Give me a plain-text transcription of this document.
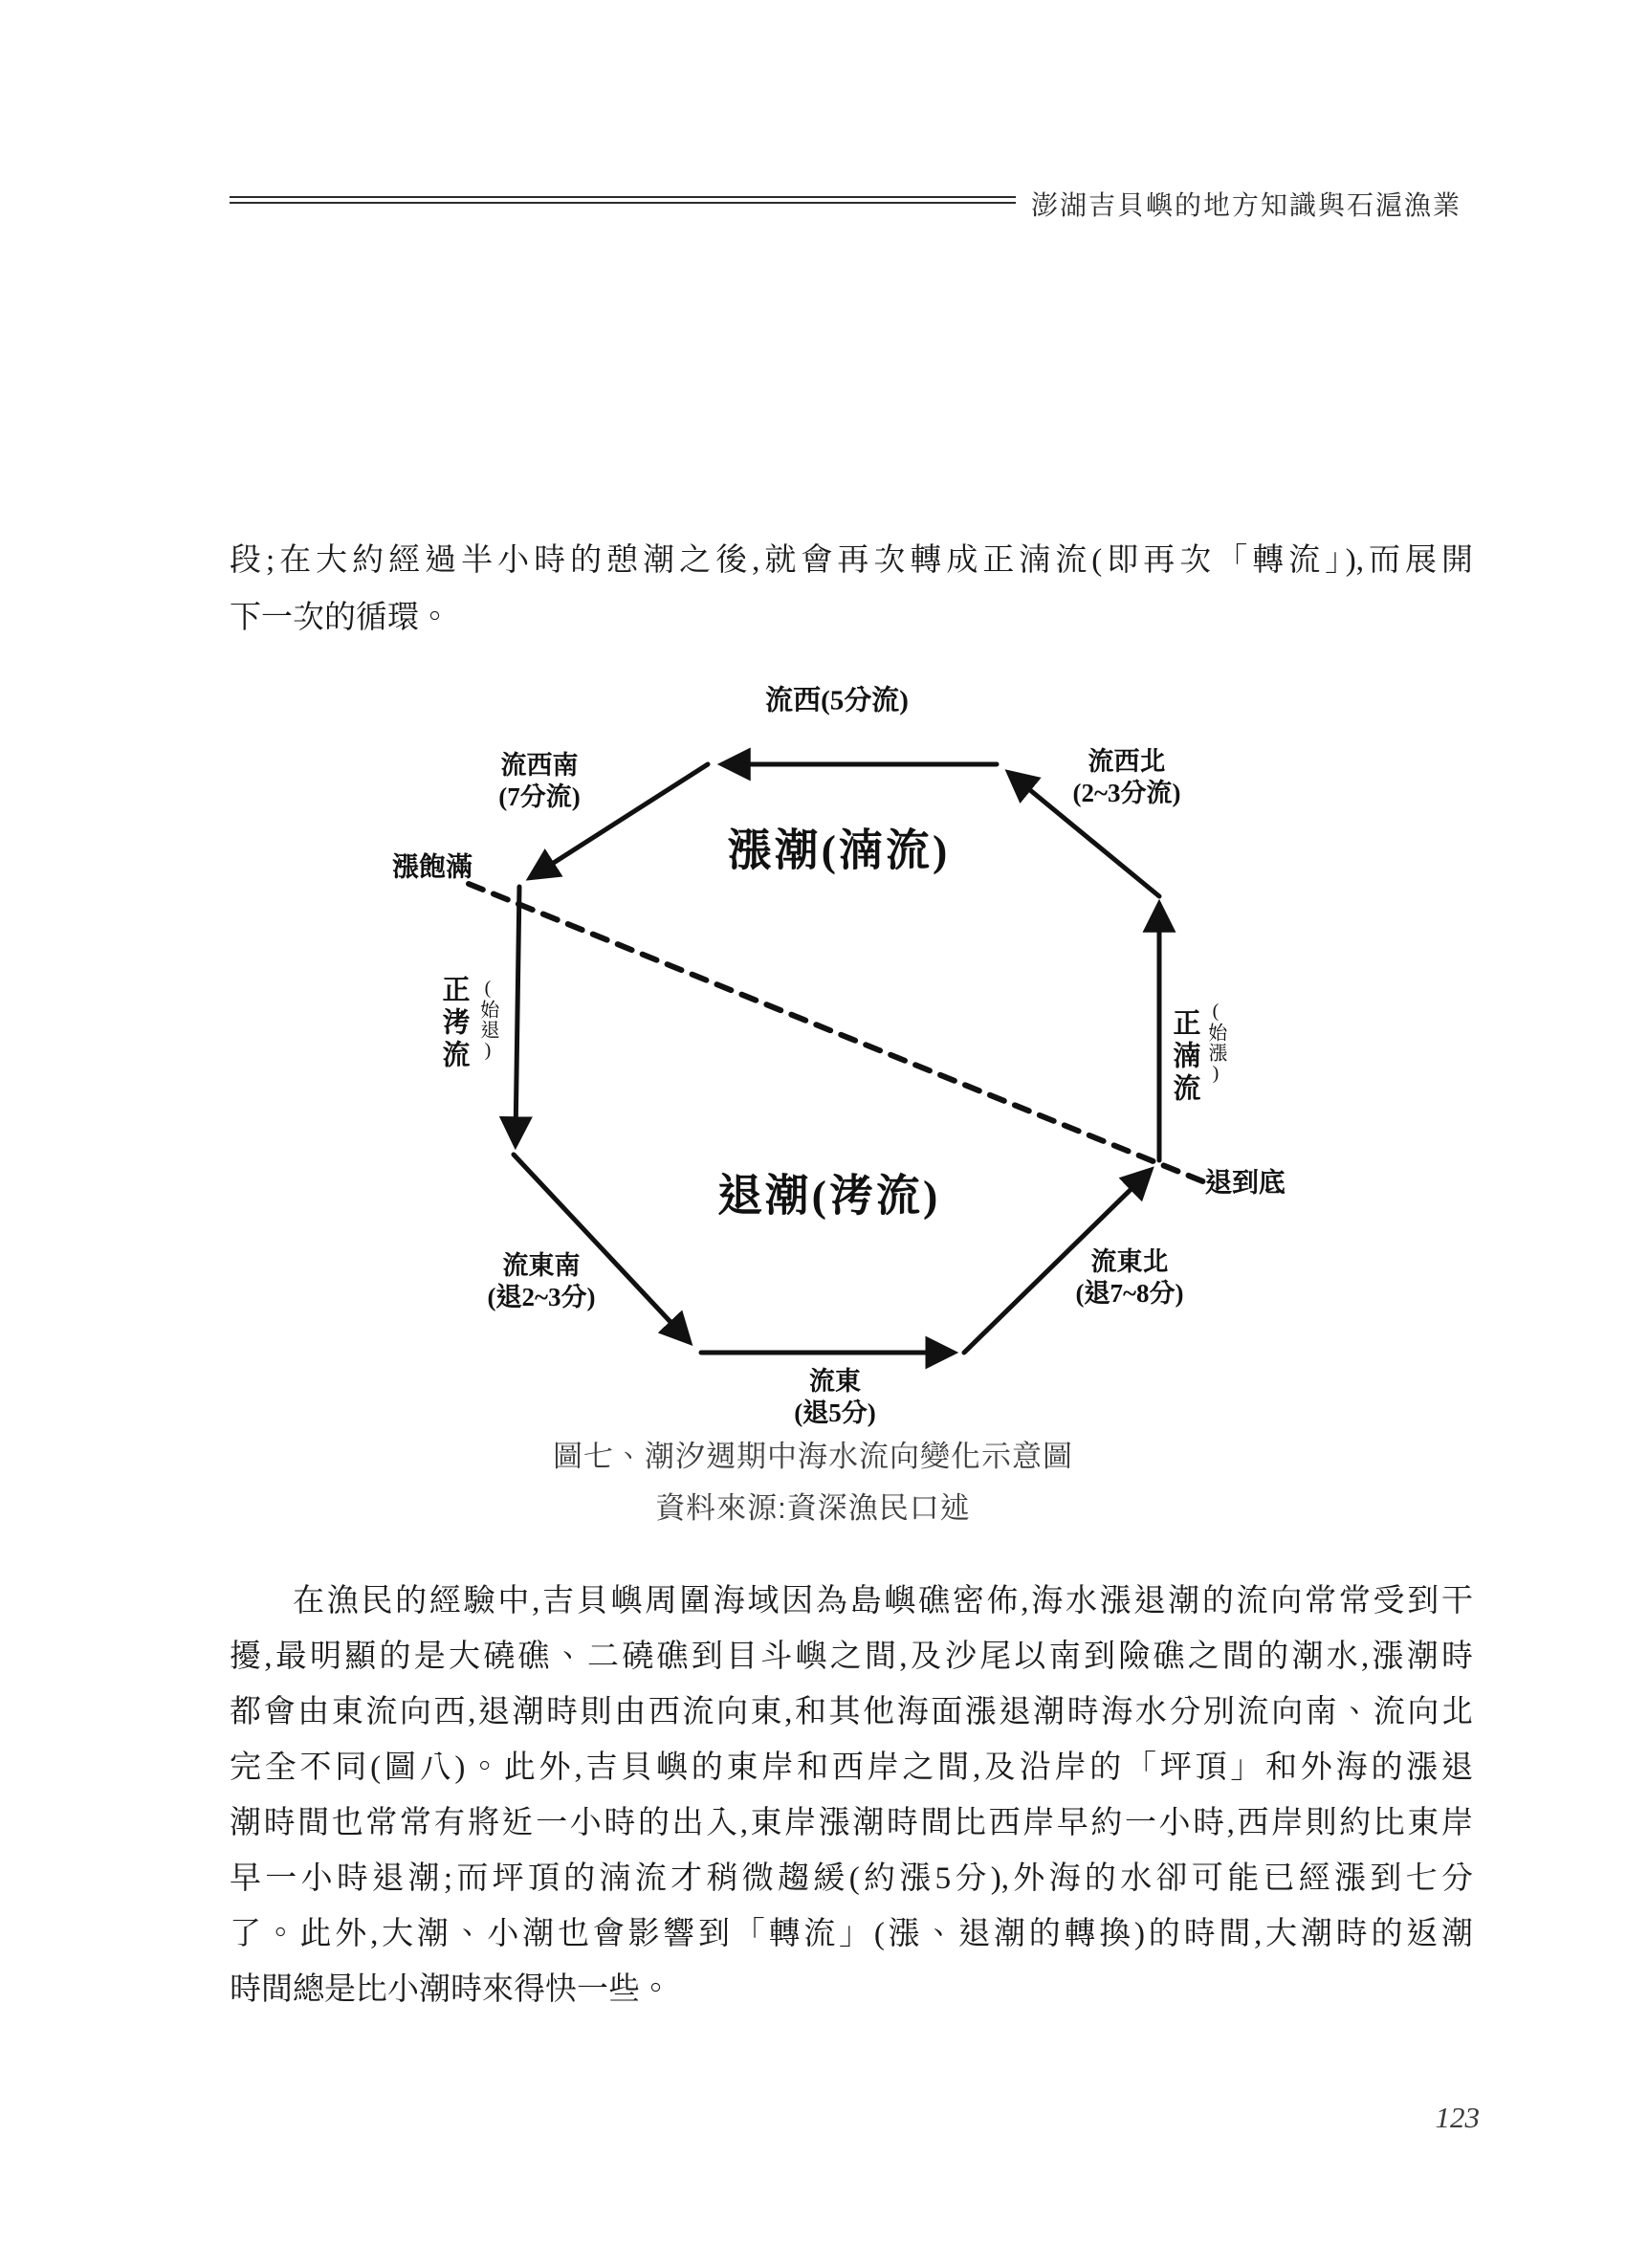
澎湖吉貝嶼的地方知識與石滬漁業
段;在大約經過半小時的憩潮之後,就會再次轉成正湳流(即再次「轉流」),而展開
下一次的循環。
漲潮(湳流)
退潮(洘流)
流西(5分流)
流西北
(2~3分流)
流西南
(7分流)
漲飽滿
正洘流 (始退)	正湳流 (始漲)
退到底
流東南
(退2~3分)
流東
(退5分)
流東北
(退7~8分)
圖七、潮汐週期中海水流向變化示意圖
資料來源:資深漁民口述
在漁民的經驗中,吉貝嶼周圍海域因為島嶼礁密佈,海水漲退潮的流向常常受到干
擾,最明顯的是大磽礁、二磽礁到目斗嶼之間,及沙尾以南到險礁之間的潮水,漲潮時
都會由東流向西,退潮時則由西流向東,和其他海面漲退潮時海水分別流向南、流向北
完全不同(圖八)。此外,吉貝嶼的東岸和西岸之間,及沿岸的「坪頂」和外海的漲退
潮時間也常常有將近一小時的出入,東岸漲潮時間比西岸早約一小時,西岸則約比東岸
早一小時退潮;而坪頂的湳流才稍微趨緩(約漲5分),外海的水卻可能已經漲到七分
了。此外,大潮、小潮也會影響到「轉流」(漲、退潮的轉換)的時間,大潮時的返潮
時間總是比小潮時來得快一些。
123
